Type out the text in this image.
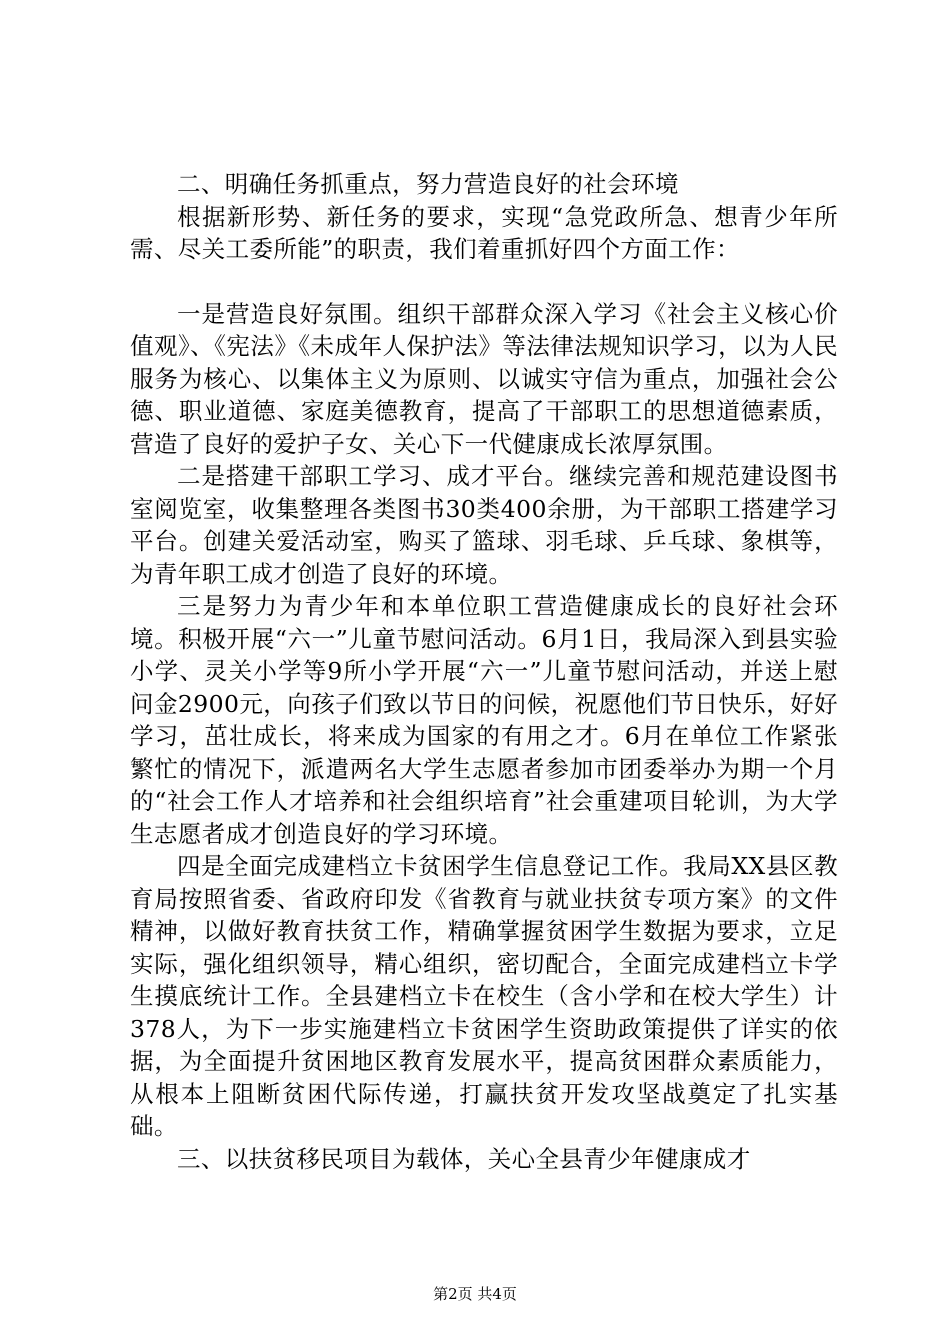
二、明确任务抓重点，努力营造良好的社会环境

根据新形势、新任务的要求，实现“急党政所急、想青少年所需、尽关工委所能”的职责，我们着重抓好四个方面工作：

一是营造良好氛围。组织干部群众深入学习《社会主义核心价值观》、《宪法》《未成年人保护法》等法律法规知识学习，以为人民服务为核心、以集体主义为原则、以诚实守信为重点，加强社会公德、职业道德、家庭美德教育，提高了干部职工的思想道德素质，营造了良好的爱护子女、关心下一代健康成长浓厚氛围。

二是搭建干部职工学习、成才平台。继续完善和规范建设图书室阅览室，收集整理各类图书30类400余册，为干部职工搭建学习平台。创建关爱活动室，购买了篮球、羽毛球、乒乓球、象棋等，为青年职工成才创造了良好的环境。

三是努力为青少年和本单位职工营造健康成长的良好社会环境。积极开展“六一”儿童节慰问活动。6月1日，我局深入到县实验小学、灵关小学等9所小学开展“六一”儿童节慰问活动，并送上慰问金2900元，向孩子们致以节日的问候，祝愿他们节日快乐，好好学习，茁壮成长，将来成为国家的有用之才。6月在单位工作紧张繁忙的情况下，派遣两名大学生志愿者参加市团委举办为期一个月的“社会工作人才培养和社会组织培育”社会重建项目轮训，为大学生志愿者成才创造良好的学习环境。

四是全面完成建档立卡贫困学生信息登记工作。我局XX县区教育局按照省委、省政府印发《省教育与就业扶贫专项方案》的文件精神，以做好教育扶贫工作，精确掌握贫困学生数据为要求，立足实际，强化组织领导，精心组织，密切配合，全面完成建档立卡学生摸底统计工作。全县建档立卡在校生（含小学和在校大学生）计378人，为下一步实施建档立卡贫困学生资助政策提供了详实的依据，为全面提升贫困地区教育发展水平，提高贫困群众素质能力，从根本上阻断贫困代际传递，打赢扶贫开发攻坚战奠定了扎实基础。

三、以扶贫移民项目为载体，关心全县青少年健康成才

第2页 共4页
